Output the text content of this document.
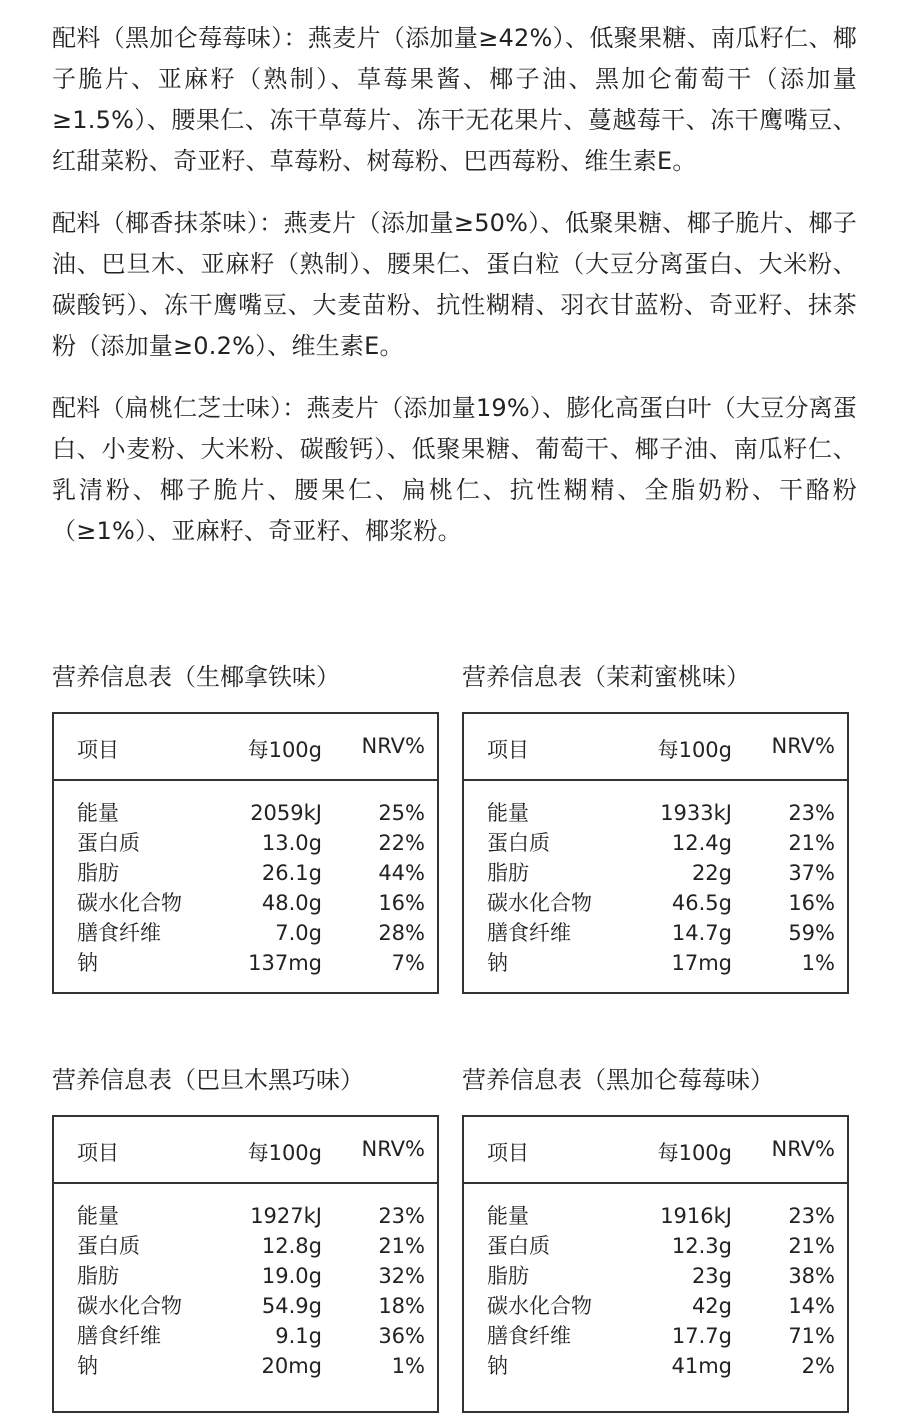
配料（黑加仑莓莓味）：燕麦片（添加量≥42%）、低聚果糖、南瓜籽仁、椰子脆片、亚麻籽（熟制）、草莓果酱、椰子油、黑加仑葡萄干（添加量≥1.5%）、腰果仁、冻干草莓片、冻干无花果片、蔓越莓干、冻干鹰嘴豆、红甜菜粉、奇亚籽、草莓粉、树莓粉、巴西莓粉、维生素E。

配料（椰香抹茶味）：燕麦片（添加量≥50%）、低聚果糖、椰子脆片、椰子油、巴旦木、亚麻籽（熟制）、腰果仁、蛋白粒（大豆分离蛋白、大米粉、碳酸钙）、冻干鹰嘴豆、大麦苗粉、抗性糊精、羽衣甘蓝粉、奇亚籽、抹茶粉（添加量≥0.2%）、维生素E。

配料（扁桃仁芝士味）：燕麦片（添加量19%）、膨化高蛋白叶（大豆分离蛋白、小麦粉、大米粉、碳酸钙）、低聚果糖、葡萄干、椰子油、南瓜籽仁、乳清粉、椰子脆片、腰果仁、扁桃仁、抗性糊精、全脂奶粉、干酪粉（≥1%）、亚麻籽、奇亚籽、椰浆粉。

营养信息表（生椰拿铁味）
项目	每100g NRV%
能量	2059kJ	25%
蛋白质	13.0g	22%
脂肪	26.1g	44%
碳水化合物	48.0g	16%
膳食纤维	7.0g	28%
钠	137mg	7%
营养信息表（茉莉蜜桃味）
项目	每100g NRV%
能量	1933kJ	23%
蛋白质	12.4g	21%
脂肪	22g	37%
碳水化合物	46.5g	16%
膳食纤维	14.7g	59%
钠	17mg	1%
营养信息表（巴旦木黑巧味）
项目	每100g NRV%
能量	1927kJ	23%
蛋白质	12.8g	21%
脂肪	19.0g	32%
碳水化合物	54.9g	18%
膳食纤维	9.1g	36%
钠	20mg	1%
营养信息表（黑加仑莓莓味）
项目	每100g NRV%
能量	1916kJ	23%
蛋白质	12.3g	21%
脂肪	23g	38%
碳水化合物	42g	14%
膳食纤维	17.7g	71%
钠	41mg	2%
